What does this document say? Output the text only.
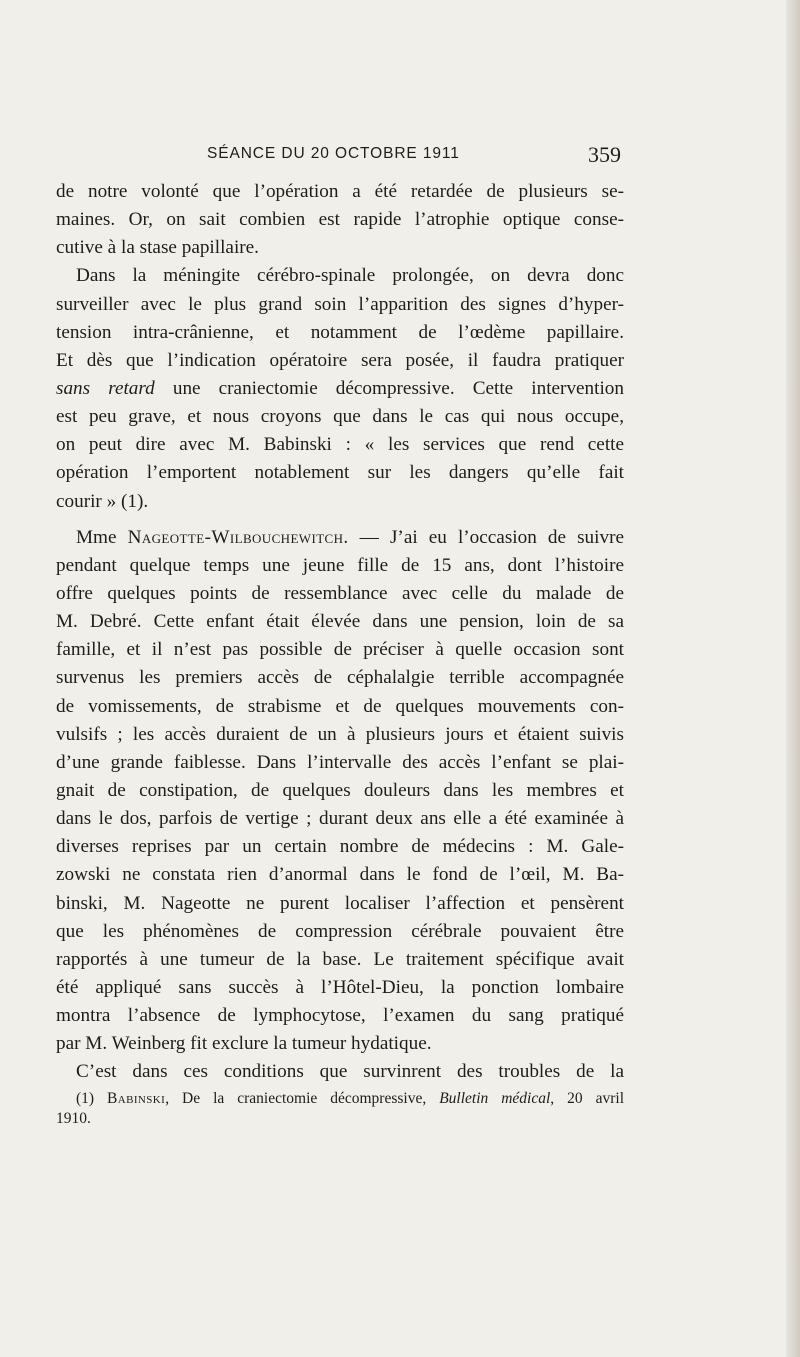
SÉANCE DU 20 OCTOBRE 1911	359
de notre volonté que l’opération a été retardée de plusieurs se-
maines. Or, on sait combien est rapide l’atrophie optique conse-
cutive à la stase papillaire.
Dans la méningite cérébro-spinale prolongée, on devra donc
surveiller avec le plus grand soin l’apparition des signes d’hyper-
tension intra-crânienne, et notamment de l’œdème papillaire.
Et dès que l’indication opératoire sera posée, il faudra pratiquer
sans retard une craniectomie décompressive. Cette intervention
est peu grave, et nous croyons que dans le cas qui nous occupe,
on peut dire avec M. Babinski : « les services que rend cette
opération l’emportent notablement sur les dangers qu’elle fait
courir » (1).
Mme Nageotte-Wilbouchewitch. — J’ai eu l’occasion de suivre
pendant quelque temps une jeune fille de 15 ans, dont l’histoire
offre quelques points de ressemblance avec celle du malade de
M. Debré. Cette enfant était élevée dans une pension, loin de sa
famille, et il n’est pas possible de préciser à quelle occasion sont
survenus les premiers accès de céphalalgie terrible accompagnée
de vomissements, de strabisme et de quelques mouvements con-
vulsifs ; les accès duraient de un à plusieurs jours et étaient suivis
d’une grande faiblesse. Dans l’intervalle des accès l’enfant se plai-
gnait de constipation, de quelques douleurs dans les membres et
dans le dos, parfois de vertige ; durant deux ans elle a été examinée à
diverses reprises par un certain nombre de médecins : M. Gale-
zowski ne constata rien d’anormal dans le fond de l’œil, M. Ba-
binski, M. Nageotte ne purent localiser l’affection et pensèrent
que les phénomènes de compression cérébrale pouvaient être
rapportés à une tumeur de la base. Le traitement spécifique avait
été appliqué sans succès à l’Hôtel-Dieu, la ponction lombaire
montra l’absence de lymphocytose, l’examen du sang pratiqué
par M. Weinberg fit exclure la tumeur hydatique.
C’est dans ces conditions que survinrent des troubles de la
(1) Babinski, De la craniectomie décompressive, Bulletin médical, 20 avril
1910.
